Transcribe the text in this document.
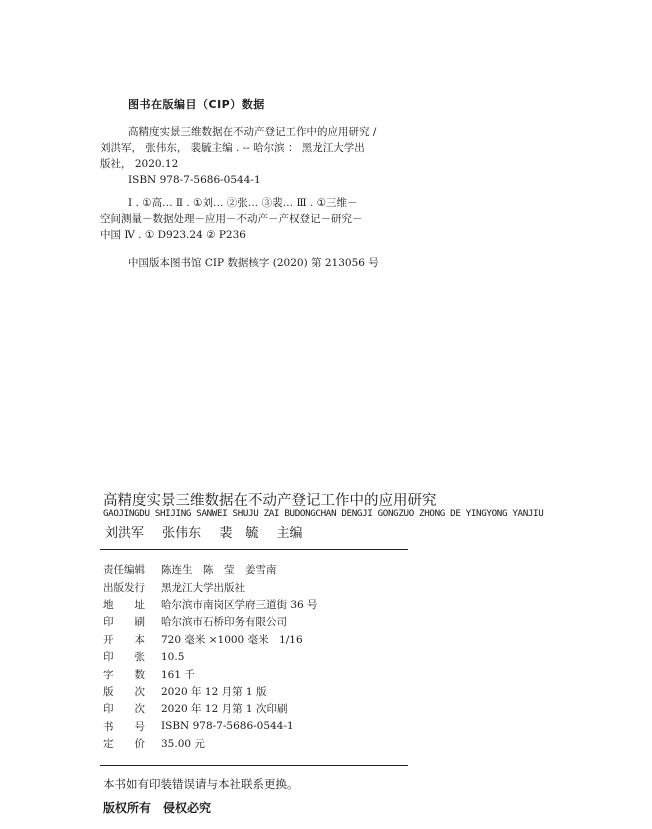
图书在版编目（CIP）数据
高精度实景三维数据在不动产登记工作中的应用研究 /
刘洪军， 张伟东， 裴毓主编 . -- 哈尔滨 ： 黑龙江大学出
版社， 2020.12
ISBN 978-7-5686-0544-1
Ⅰ . ①高… Ⅱ . ①刘… ②张… ③裴… Ⅲ . ①三维－
空间测量－数据处理－应用－不动产－产权登记－研究－
中国 Ⅳ . ① D923.24 ② P236
中国版本图书馆 CIP 数据核字 (2020) 第 213056 号
高精度实景三维数据在不动产登记工作中的应用研究
GAOJINGDU SHIJING SANWEI SHUJU ZAI BUDONGCHAN DENGJI GONGZUO ZHONG DE YINGYONG YANJIU
刘洪军 张伟东 裴　毓 主编
责任编辑	陈连生　陈　莹　姜雪南
出版发行	黑龙江大学出版社
地　　址	哈尔滨市南岗区学府三道街 36 号
印　　刷	哈尔滨市石桥印务有限公司
开　　本	720 毫米 ×1000 毫米　1/16
印　　张	10.5
字　　数	161 千
版　　次	2020 年 12 月第 1 版
印　　次	2020 年 12 月第 1 次印刷
书　　号	ISBN 978-7-5686-0544-1
定　　价	35.00 元
本书如有印装错误请与本社联系更换。
版权所有　侵权必究
